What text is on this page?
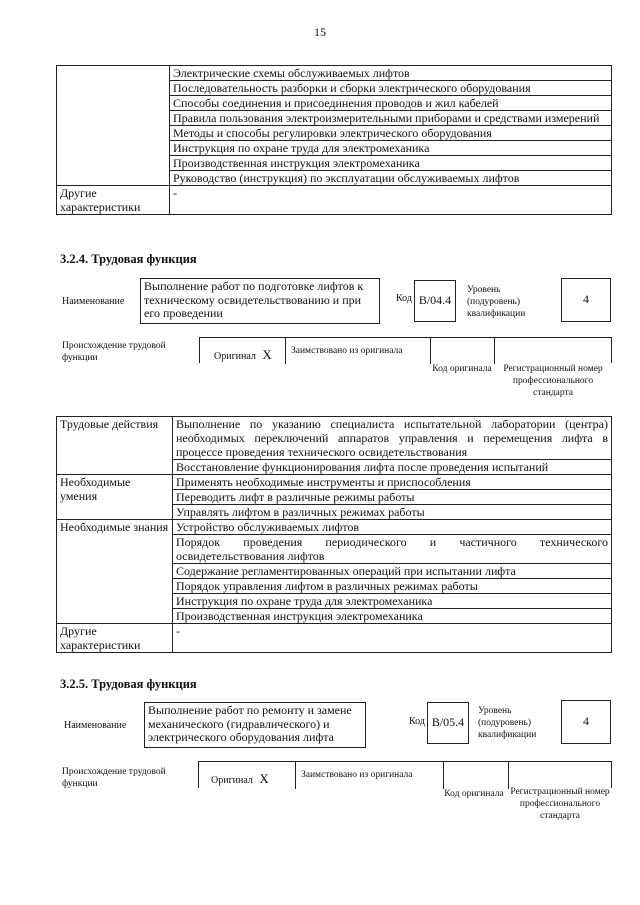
15
	Электрические схемы обслуживаемых лифтов
	Последовательность разборки и сборки электрического оборудования
	Способы соединения и присоединения проводов и жил кабелей
	Правила пользования электроизмерительными приборами и средствами измерений
	Методы и способы регулировки электрического оборудования
	Инструкция по охране труда для электромеханика
	Производственная инструкция электромеханика
	Руководство (инструкция) по эксплуатации обслуживаемых лифтов
Другие характеристики	-
3.2.4. Трудовая функция
Наименование
Выполнение работ по подготовке лифтов к техническому освидетельствованию и при его проведении
Код В/04.4
Уровень (подуровень) квалификации
4
Происхождение трудовой функции	Оригинал Х Заимствовано из оригинала
Код оригинала	Регистрационный номер профессионального стандарта
Трудовые действия	Выполнение по указанию специалиста испытательной лаборатории (центра) необходимых переключений аппаратов управления и перемещения лифта в процессе проведения технического освидетельствования
	Восстановление функционирования лифта после проведения испытаний
Необходимые умения	Применять необходимые инструменты и приспособления
	Переводить лифт в различные режимы работы
	Управлять лифтом в различных режимах работы
Необходимые знания	Устройство обслуживаемых лифтов
	Порядок проведения периодического и частичного технического освидетельствования лифтов
	Содержание регламентированных операций при испытании лифта
	Порядок управления лифтом в различных режимах работы
	Инструкция по охране труда для электромеханика
	Производственная инструкция электромеханика
Другие характеристики	-
3.2.5. Трудовая функция
Наименование
Выполнение работ по ремонту и замене механического (гидравлического) и электрического оборудования лифта
Код В/05.4
Уровень (подуровень) квалификации
4
Происхождение трудовой функции	Оригинал Х	Заимствовано из оригинала
Код оригинала Регистрационный номер профессионального стандарта
